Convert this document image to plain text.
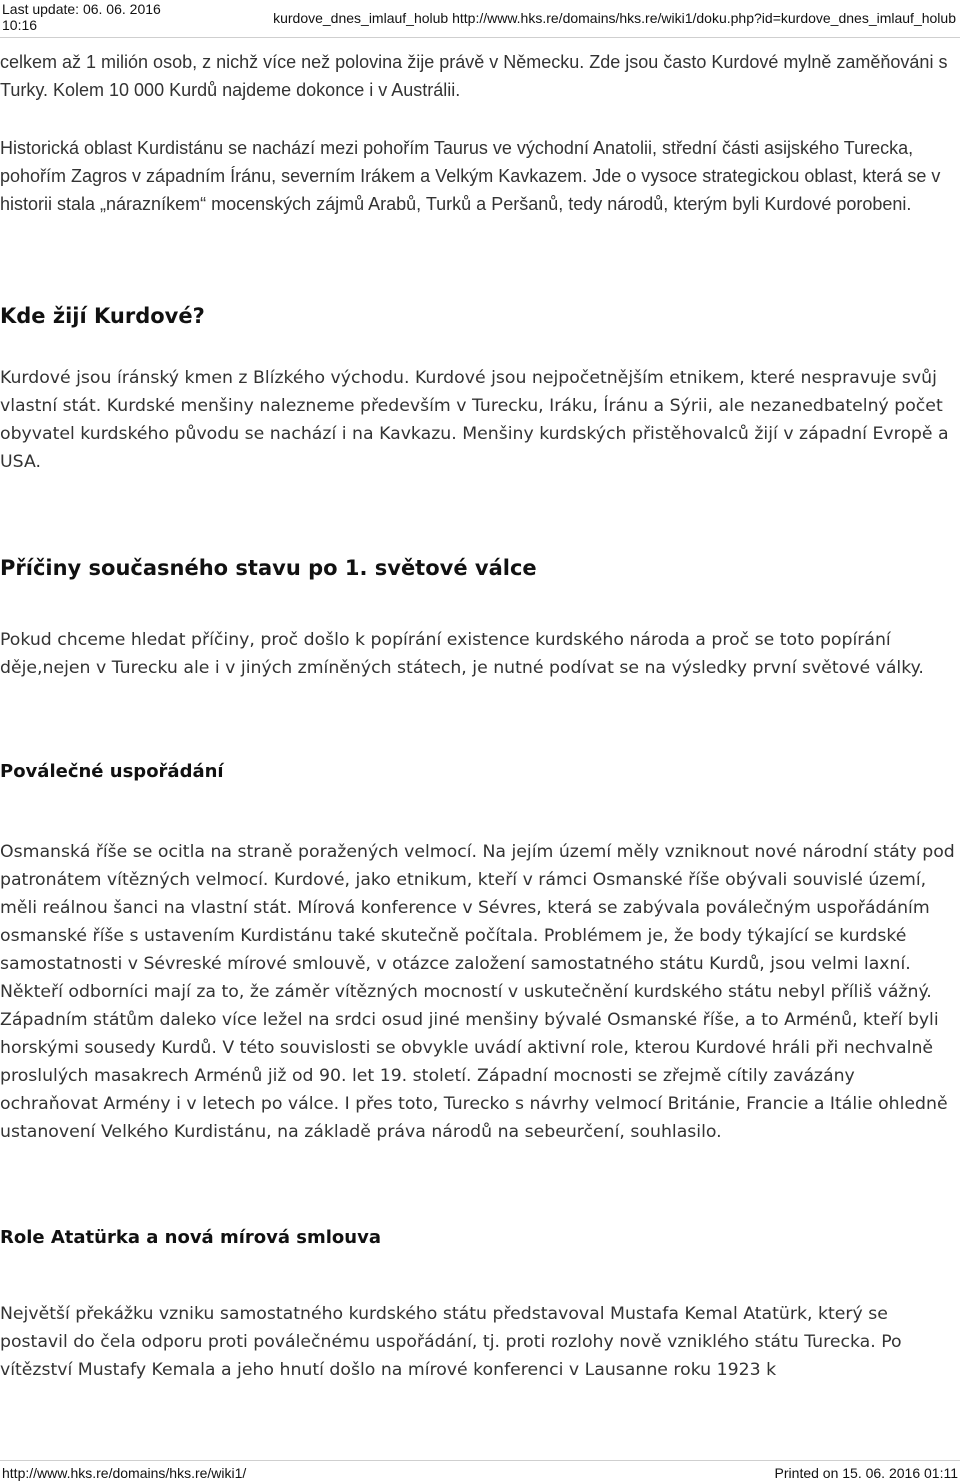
Last update: 06. 06. 2016 10:16	kurdove_dnes_imlauf_holub http://www.hks.re/domains/hks.re/wiki1/doku.php?id=kurdove_dnes_imlauf_holub

celkem až 1 milión osob, z nichž více než polovina žije právě v Německu. Zde jsou často Kurdové mylně zaměňováni s Turky. Kolem 10 000 Kurdů najdeme dokonce i v Austrálii.

Historická oblast Kurdistánu se nachází mezi pohořím Taurus ve východní Anatolii, střední části asijského Turecka, pohořím Zagros v západním Íránu, severním Irákem a Velkým Kavkazem. Jde o vysoce strategickou oblast, která se v historii stala „nárazníkem“ mocenských zájmů Arabů, Turků a Peršanů, tedy národů, kterým byli Kurdové porobeni.

Kde žijí Kurdové?

Kurdové jsou íránský kmen z Blízkého východu. Kurdové jsou nejpočetnějším etnikem, které nespravuje svůj vlastní stát. Kurdské menšiny nalezneme především v Turecku, Iráku, Íránu a Sýrii, ale nezanedbatelný počet obyvatel kurdského původu se nachází i na Kavkazu. Menšiny kurdských přistěhovalců žijí v západní Evropě a USA.

Příčiny současného stavu po 1. světové válce

Pokud chceme hledat příčiny, proč došlo k popírání existence kurdského národa a proč se toto popírání děje,nejen v Turecku ale i v jiných zmíněných státech, je nutné podívat se na výsledky první světové války.

Poválečné uspořádání

Osmanská říše se ocitla na straně poražených velmocí. Na jejím území měly vzniknout nové národní státy pod patronátem vítězných velmocí. Kurdové, jako etnikum, kteří v rámci Osmanské říše obývali souvislé území, měli reálnou šanci na vlastní stát. Mírová konference v Sévres, která se zabývala poválečným uspořádáním osmanské říše s ustavením Kurdistánu také skutečně počítala. Problémem je, že body týkající se kurdské samostatnosti v Sévreské mírové smlouvě, v otázce založení samostatného státu Kurdů, jsou velmi laxní. Někteří odborníci mají za to, že záměr vítězných mocností v uskutečnění kurdského státu nebyl příliš vážný. Západním státům daleko více ležel na srdci osud jiné menšiny bývalé Osmanské říše, a to Arménů, kteří byli horskými sousedy Kurdů. V této souvislosti se obvykle uvádí aktivní role, kterou Kurdové hráli při nechvalně proslulých masakrech Arménů již od 90. let 19. století. Západní mocnosti se zřejmě cítily zavázány ochraňovat Armény i v letech po válce. I přes toto, Turecko s návrhy velmocí Británie, Francie a Itálie ohledně ustanovení Velkého Kurdistánu, na základě práva národů na sebeurčení, souhlasilo.

Role Atatürka a nová mírová smlouva

Největší překážku vzniku samostatného kurdského státu představoval Mustafa Kemal Atatürk, který se postavil do čela odporu proti poválečnému uspořádání, tj. proti rozlohy nově vzniklého státu Turecka. Po vítězství Mustafy Kemala a jeho hnutí došlo na mírové konferenci v Lausanne roku 1923 k

http://www.hks.re/domains/hks.re/wiki1/	Printed on 15. 06. 2016 01:11
